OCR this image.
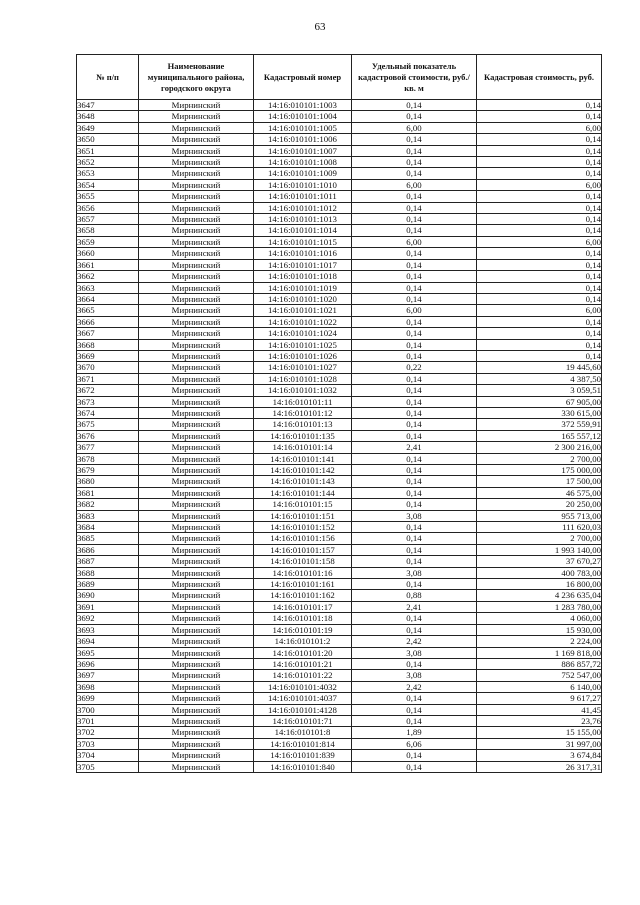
63
№ п/п	Наименование муниципального района, городского округа	Кадастровый номер	Удельный показатель кадастровой стоимости, руб./кв. м	Кадастровая стоимость, руб.
3647	Мирнинский	14:16:010101:1003	0,14	0,14
3648	Мирнинский	14:16:010101:1004	0,14	0,14
3649	Мирнинский	14:16:010101:1005	6,00	6,00
3650	Мирнинский	14:16:010101:1006	0,14	0,14
3651	Мирнинский	14:16:010101:1007	0,14	0,14
3652	Мирнинский	14:16:010101:1008	0,14	0,14
3653	Мирнинский	14:16:010101:1009	0,14	0,14
3654	Мирнинский	14:16:010101:1010	6,00	6,00
3655	Мирнинский	14:16:010101:1011	0,14	0,14
3656	Мирнинский	14:16:010101:1012	0,14	0,14
3657	Мирнинский	14:16:010101:1013	0,14	0,14
3658	Мирнинский	14:16:010101:1014	0,14	0,14
3659	Мирнинский	14:16:010101:1015	6,00	6,00
3660	Мирнинский	14:16:010101:1016	0,14	0,14
3661	Мирнинский	14:16:010101:1017	0,14	0,14
3662	Мирнинский	14:16:010101:1018	0,14	0,14
3663	Мирнинский	14:16:010101:1019	0,14	0,14
3664	Мирнинский	14:16:010101:1020	0,14	0,14
3665	Мирнинский	14:16:010101:1021	6,00	6,00
3666	Мирнинский	14:16:010101:1022	0,14	0,14
3667	Мирнинский	14:16:010101:1024	0,14	0,14
3668	Мирнинский	14:16:010101:1025	0,14	0,14
3669	Мирнинский	14:16:010101:1026	0,14	0,14
3670	Мирнинский	14:16:010101:1027	0,22	19 445,60
3671	Мирнинский	14:16:010101:1028	0,14	4 387,50
3672	Мирнинский	14:16:010101:1032	0,14	3 059,51
3673	Мирнинский	14:16:010101:11	0,14	67 905,00
3674	Мирнинский	14:16:010101:12	0,14	330 615,00
3675	Мирнинский	14:16:010101:13	0,14	372 559,91
3676	Мирнинский	14:16:010101:135	0,14	165 557,12
3677	Мирнинский	14:16:010101:14	2,41	2 300 216,00
3678	Мирнинский	14:16:010101:141	0,14	2 700,00
3679	Мирнинский	14:16:010101:142	0,14	175 000,00
3680	Мирнинский	14:16:010101:143	0,14	17 500,00
3681	Мирнинский	14:16:010101:144	0,14	46 575,00
3682	Мирнинский	14:16:010101:15	0,14	20 250,00
3683	Мирнинский	14:16:010101:151	3,08	955 713,00
3684	Мирнинский	14:16:010101:152	0,14	111 620,03
3685	Мирнинский	14:16:010101:156	0,14	2 700,00
3686	Мирнинский	14:16:010101:157	0,14	1 993 140,00
3687	Мирнинский	14:16:010101:158	0,14	37 670,27
3688	Мирнинский	14:16:010101:16	3,08	400 783,00
3689	Мирнинский	14:16:010101:161	0,14	16 800,00
3690	Мирнинский	14:16:010101:162	0,88	4 236 635,04
3691	Мирнинский	14:16:010101:17	2,41	1 283 780,00
3692	Мирнинский	14:16:010101:18	0,14	4 060,00
3693	Мирнинский	14:16:010101:19	0,14	15 930,00
3694	Мирнинский	14:16:010101:2	2,42	2 224,00
3695	Мирнинский	14:16:010101:20	3,08	1 169 818,00
3696	Мирнинский	14:16:010101:21	0,14	886 857,72
3697	Мирнинский	14:16:010101:22	3,08	752 547,00
3698	Мирнинский	14:16:010101:4032	2,42	6 140,00
3699	Мирнинский	14:16:010101:4037	0,14	9 617,27
3700	Мирнинский	14:16:010101:4128	0,14	41,45
3701	Мирнинский	14:16:010101:71	0,14	23,76
3702	Мирнинский	14:16:010101:8	1,89	15 155,00
3703	Мирнинский	14:16:010101:814	6,06	31 997,00
3704	Мирнинский	14:16:010101:839	0,14	3 674,84
3705	Мирнинский	14:16:010101:840	0,14	26 317,31
